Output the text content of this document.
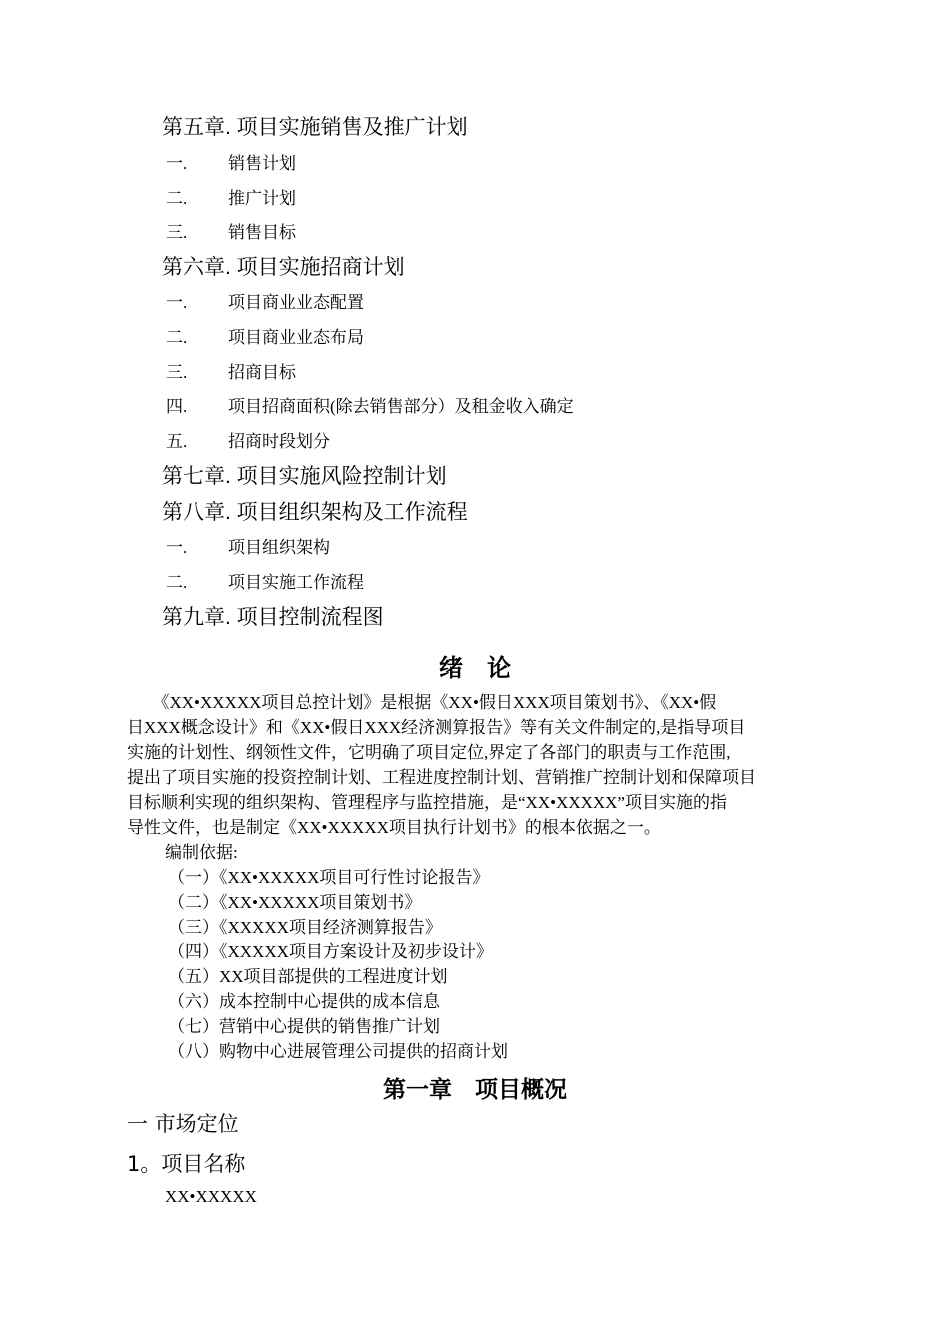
第五章. 项目实施销售及推广计划
一. 销售计划
二. 推广计划
三. 销售目标
第六章. 项目实施招商计划
一. 项目商业业态配置
二. 项目商业业态布局
三. 招商目标
四. 项目招商面积(除去销售部分）及租金收入确定
五. 招商时段划分
第七章. 项目实施风险控制计划
第八章. 项目组织架构及工作流程
一. 项目组织架构
二. 项目实施工作流程
第九章. 项目控制流程图
绪　论
　　《XX•XXXXX项目总控计划》是根据《XX•假日XXX项目策划书》、《XX•假
日XXX概念设计》和《XX•假日XXX经济测算报告》等有关文件制定的,是指导项目
实施的计划性、纲领性文件，它明确了项目定位,界定了各部门的职责与工作范围,
提出了项目实施的投资控制计划、工程进度控制计划、营销推广控制计划和保障项目
目标顺利实现的组织架构、管理程序与监控措施，是“XX•XXXXX”项目实施的指
导性文件，也是制定《XX•XXXXX项目执行计划书》的根本依据之一。
编制依据:
（一）《XX•XXXXX项目可行性讨论报告》
（二）《XX•XXXXX项目策划书》
（三）《XXXXX项目经济测算报告》
（四）《XXXXX项目方案设计及初步设计》
（五）XX项目部提供的工程进度计划
（六）成本控制中心提供的成本信息
（七）营销中心提供的销售推广计划
（八）购物中心进展管理公司提供的招商计划
第一章　项目概况
一 市场定位
1。项目名称
XX•XXXXX
